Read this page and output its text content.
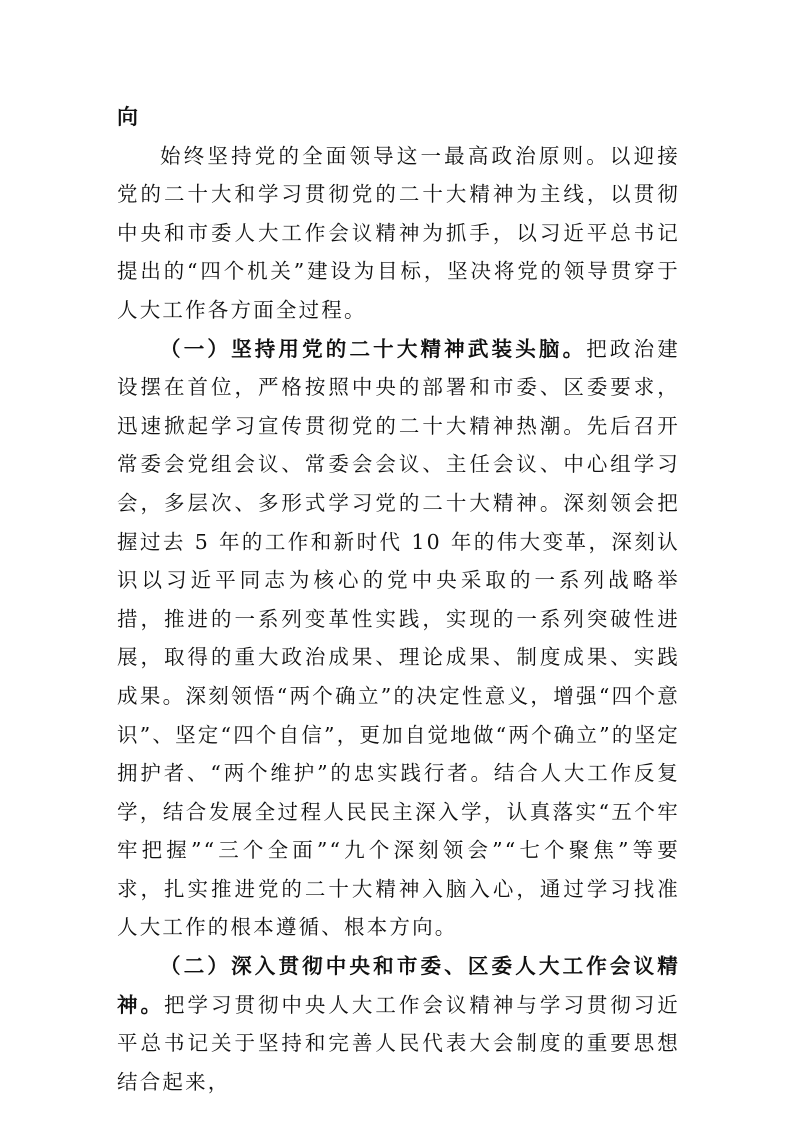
向

始终坚持党的全面领导这一最高政治原则。以迎接党的二十大和学习贯彻党的二十大精神为主线，以贯彻中央和市委人大工作会议精神为抓手，以习近平总书记提出的“四个机关”建设为目标，坚决将党的领导贯穿于人大工作各方面全过程。

（一）坚持用党的二十大精神武装头脑。把政治建设摆在首位，严格按照中央的部署和市委、区委要求，迅速掀起学习宣传贯彻党的二十大精神热潮。先后召开常委会党组会议、常委会会议、主任会议、中心组学习会，多层次、多形式学习党的二十大精神。深刻领会把握过去 5 年的工作和新时代 10 年的伟大变革，深刻认识以习近平同志为核心的党中央采取的一系列战略举措，推进的一系列变革性实践，实现的一系列突破性进展，取得的重大政治成果、理论成果、制度成果、实践成果。深刻领悟“两个确立”的决定性意义，增强“四个意识”、坚定“四个自信”，更加自觉地做“两个确立”的坚定拥护者、“两个维护”的忠实践行者。结合人大工作反复学，结合发展全过程人民民主深入学，认真落实“五个牢牢把握”“三个全面”“九个深刻领会”“七个聚焦”等要求，扎实推进党的二十大精神入脑入心，通过学习找准人大工作的根本遵循、根本方向。

（二）深入贯彻中央和市委、区委人大工作会议精神。把学习贯彻中央人大工作会议精神与学习贯彻习近平总书记关于坚持和完善人民代表大会制度的重要思想结合起来，
